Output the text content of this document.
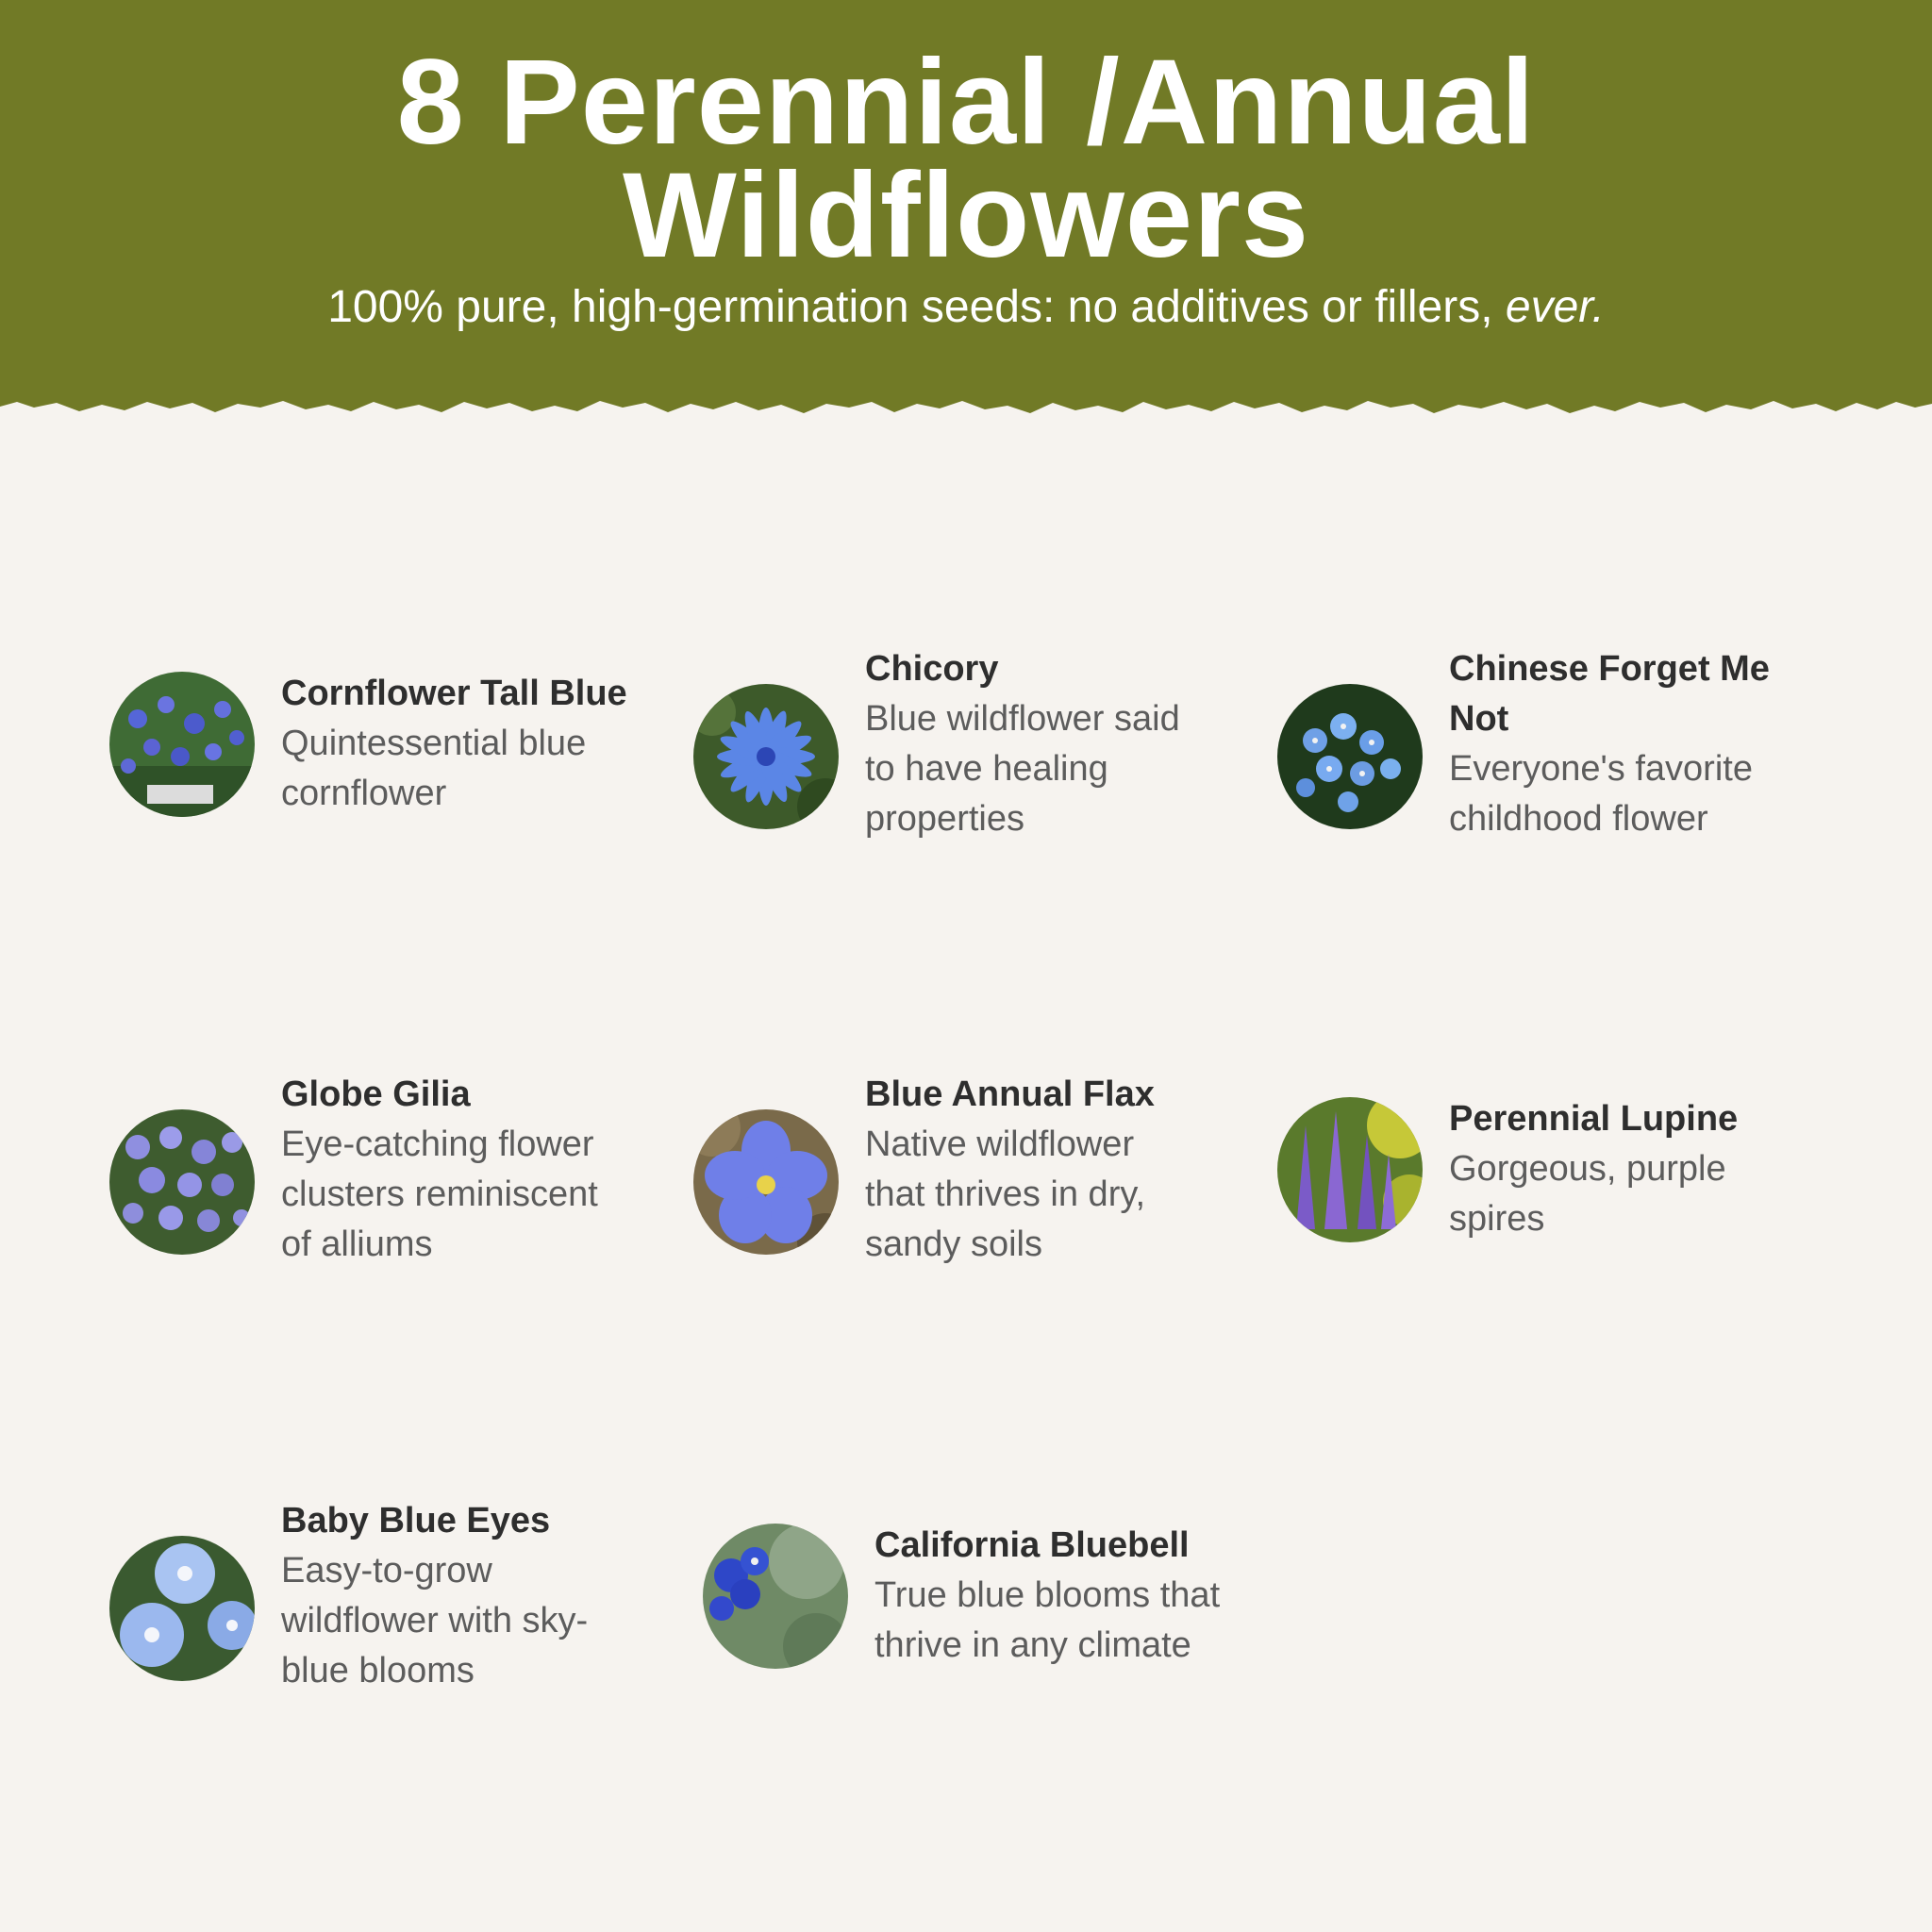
8 Perennial /Annual
Wildflowers

100% pure, high-germination seeds: no additives or fillers, ever.

Cornflower Tall Blue
Quintessential blue
cornflower
Chicory
Blue wildflower said
to have healing
properties
Chinese Forget Me
Not
Everyone's favorite
childhood flower
Globe Gilia
Eye-catching flower
clusters reminiscent
of alliums
Blue Annual Flax
Native wildflower
that thrives in dry,
sandy soils
Perennial Lupine
Gorgeous, purple
spires
Baby Blue Eyes
Easy-to-grow
wildflower with sky-
blue blooms
California Bluebell
True blue blooms that
thrive in any climate
